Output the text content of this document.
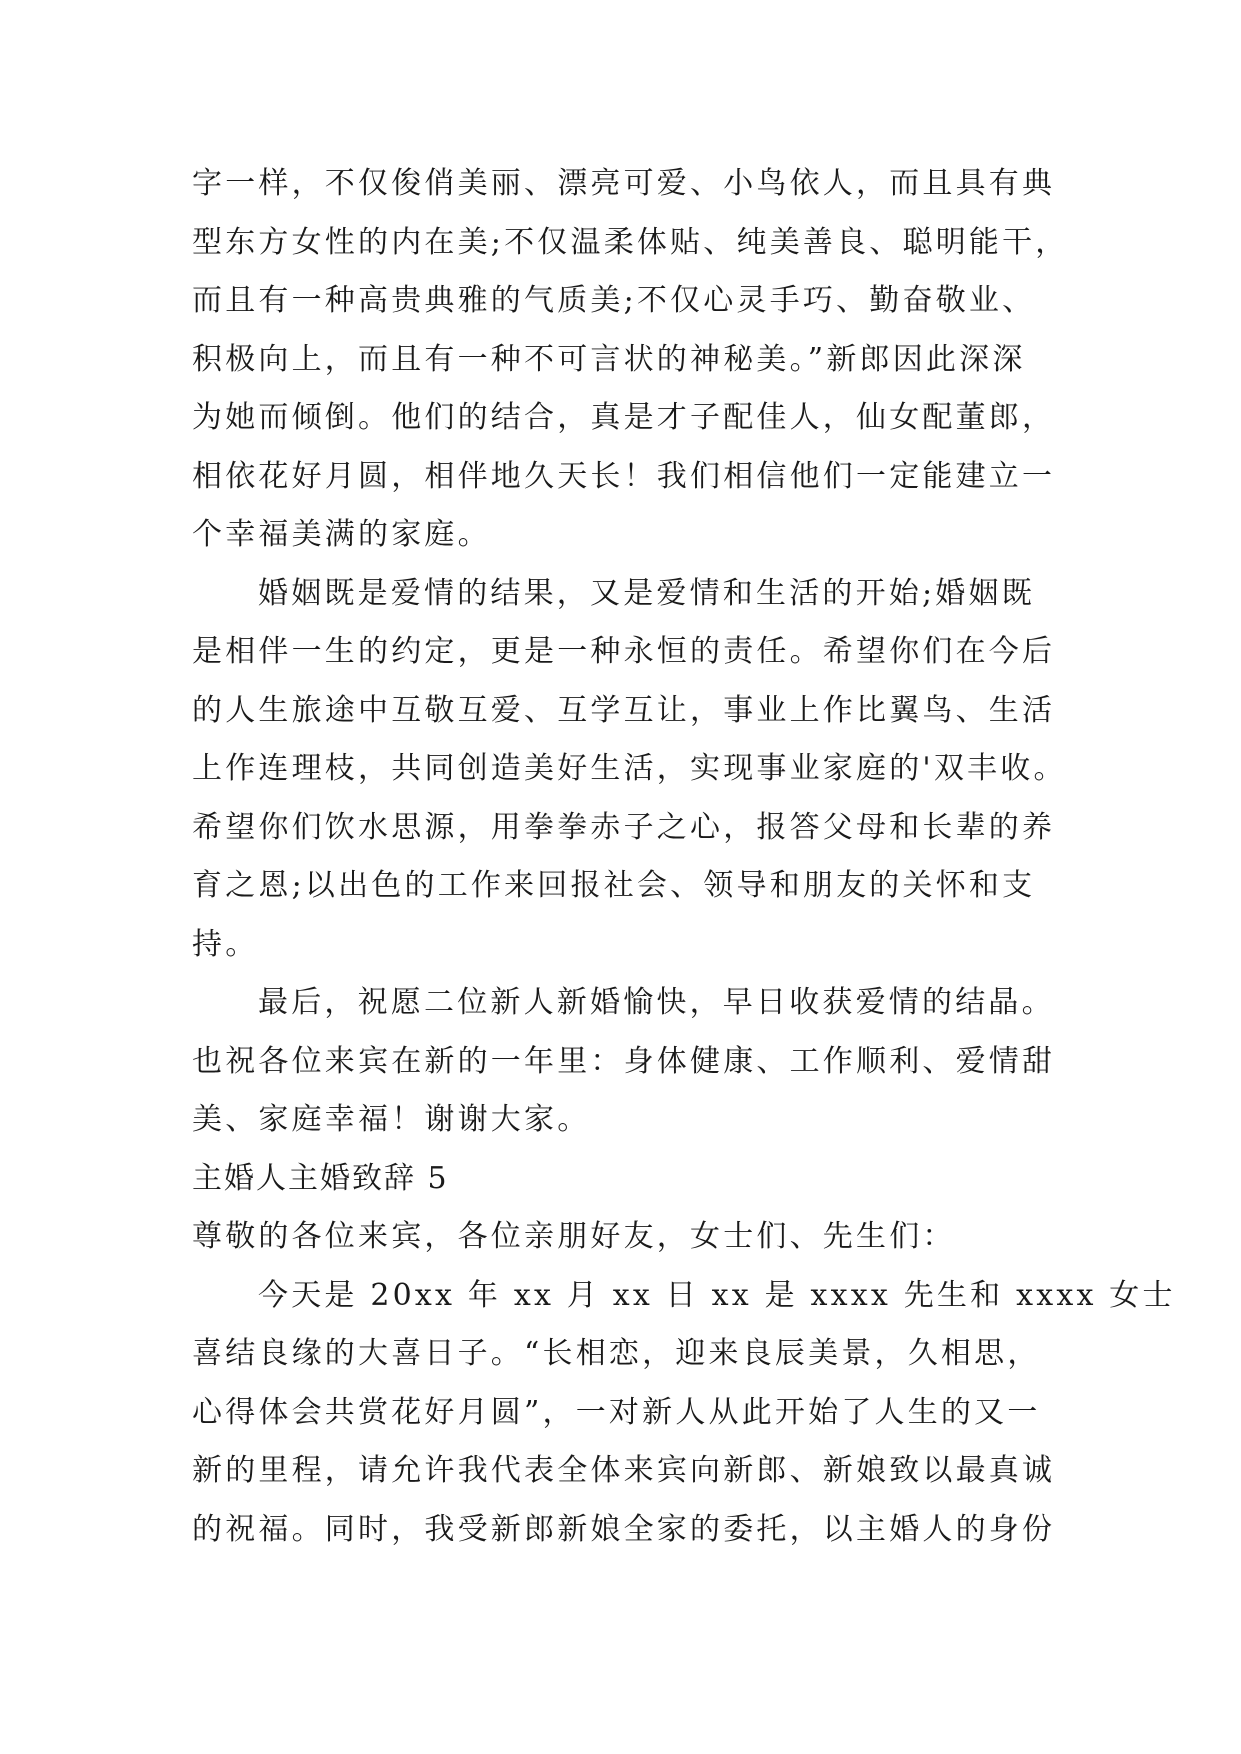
字一样，不仅俊俏美丽、漂亮可爱、小鸟依人，而且具有典

型东方女性的内在美;不仅温柔体贴、纯美善良、聪明能干，

而且有一种高贵典雅的气质美;不仅心灵手巧、勤奋敬业、

积极向上，而且有一种不可言状的神秘美。”新郎因此深深

为她而倾倒。他们的结合，真是才子配佳人，仙女配董郎，

相依花好月圆，相伴地久天长！我们相信他们一定能建立一

个幸福美满的家庭。

婚姻既是爱情的结果，又是爱情和生活的开始;婚姻既

是相伴一生的约定，更是一种永恒的责任。希望你们在今后

的人生旅途中互敬互爱、互学互让，事业上作比翼鸟、生活

上作连理枝，共同创造美好生活，实现事业家庭的'双丰收。

希望你们饮水思源，用拳拳赤子之心，报答父母和长辈的养

育之恩;以出色的工作来回报社会、领导和朋友的关怀和支

持。

最后，祝愿二位新人新婚愉快，早日收获爱情的结晶。

也祝各位来宾在新的一年里：身体健康、工作顺利、爱情甜

美、家庭幸福！谢谢大家。

主婚人主婚致辞 5

尊敬的各位来宾，各位亲朋好友，女士们、先生们：

今天是 20xx 年 xx 月 xx 日 xx 是 xxxx 先生和 xxxx 女士

喜结良缘的大喜日子。“长相恋，迎来良辰美景，久相思，

心得体会共赏花好月圆”，一对新人从此开始了人生的又一

新的里程，请允许我代表全体来宾向新郎、新娘致以最真诚

的祝福。同时，我受新郎新娘全家的委托，以主婚人的身份
